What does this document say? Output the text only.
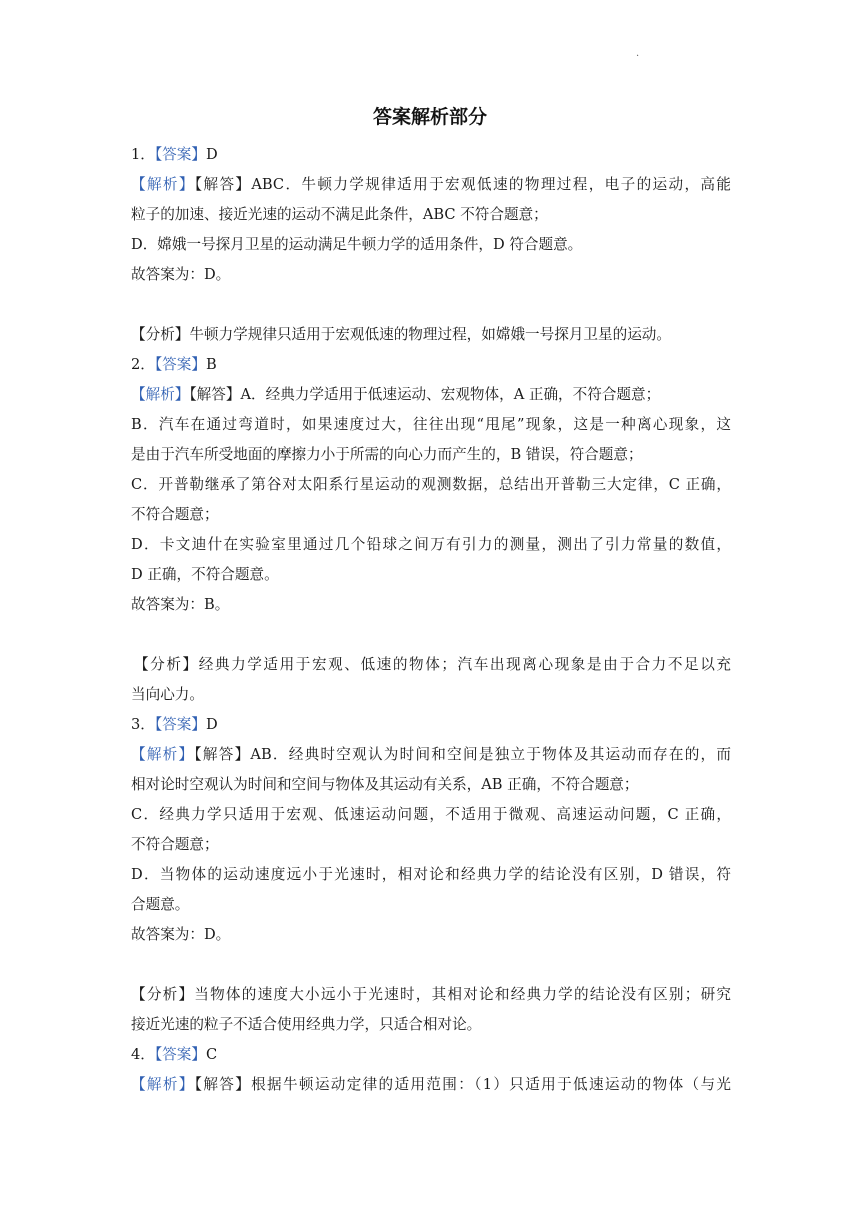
·
答案解析部分
1．【答案】D
【解析】【解答】ABC．牛顿力学规律适用于宏观低速的物理过程，电子的运动，高能
粒子的加速、接近光速的运动不满足此条件，ABC 不符合题意；
D．嫦娥一号探月卫星的运动满足牛顿力学的适用条件，D 符合题意。
故答案为：D。
【分析】牛顿力学规律只适用于宏观低速的物理过程，如嫦娥一号探月卫星的运动。
2．【答案】B
【解析】【解答】A．经典力学适用于低速运动、宏观物体，A 正确，不符合题意；
B．汽车在通过弯道时，如果速度过大，往往出现“甩尾”现象，这是一种离心现象，这
是由于汽车所受地面的摩擦力小于所需的向心力而产生的，B 错误，符合题意；
C．开普勒继承了第谷对太阳系行星运动的观测数据，总结出开普勒三大定律，C 正确，
不符合题意；
D．卡文迪什在实验室里通过几个铅球之间万有引力的测量，测出了引力常量的数值，
D 正确，不符合题意。
故答案为：B。
【分析】经典力学适用于宏观、低速的物体；汽车出现离心现象是由于合力不足以充
当向心力。
3．【答案】D
【解析】【解答】AB．经典时空观认为时间和空间是独立于物体及其运动而存在的，而
相对论时空观认为时间和空间与物体及其运动有关系，AB 正确，不符合题意；
C．经典力学只适用于宏观、低速运动问题，不适用于微观、高速运动问题，C 正确，
不符合题意；
D．当物体的运动速度远小于光速时，相对论和经典力学的结论没有区别，D 错误，符
合题意。
故答案为：D。
【分析】当物体的速度大小远小于光速时，其相对论和经典力学的结论没有区别；研究
接近光速的粒子不适合使用经典力学，只适合相对论。
4．【答案】C
【解析】【解答】根据牛顿运动定律的适用范围：（1）只适用于低速运动的物体（与光
